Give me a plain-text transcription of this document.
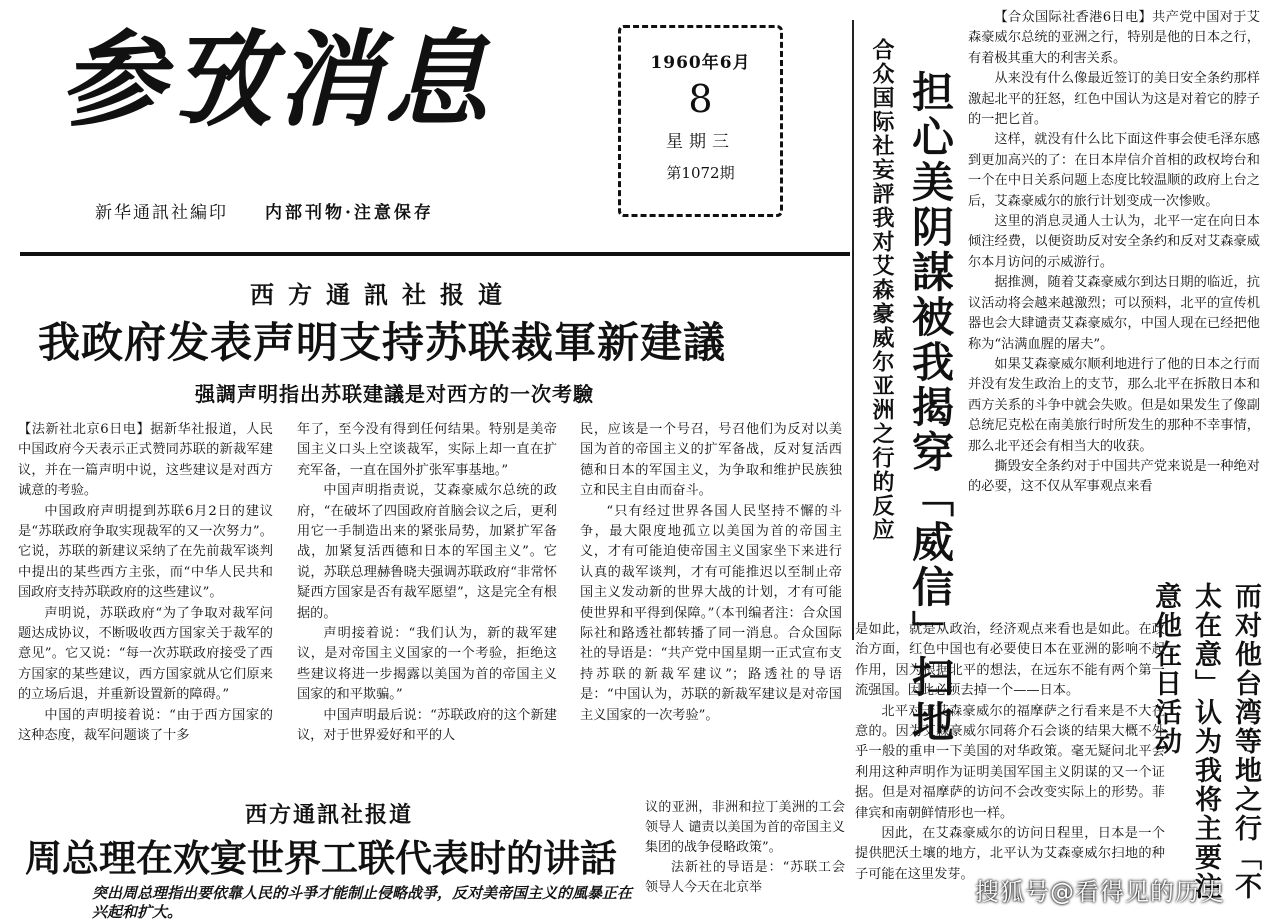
参攷消息
新华通訊社編印 内部刊物·注意保存
1960年6月
8
星期三
第1072期
西方通訊社报道
我政府发表声明支持苏联裁軍新建議
强調声明指出苏联建議是对西方的一次考驗

【法新社北京6日电】据新华社报道，人民中国政府今天表示正式赞同苏联的新裁军建议，并在一篇声明中说，这些建议是对西方诚意的考验。

中国政府声明提到苏联6月2日的建议是“苏联政府争取实现裁军的又一次努力”。它说，苏联的新建议采纳了在先前裁军谈判中提出的某些西方主张，而“中华人民共和国政府支持苏联政府的这些建议”。

声明说，苏联政府“为了争取对裁军问题达成协议，不断吸收西方国家关于裁军的意见”。它又说：“每一次苏联政府接受了西方国家的某些建议，西方国家就从它们原来的立场后退，并重新设置新的障碍。”

中国的声明接着说：“由于西方国家的这种态度，裁军问题谈了十多

年了，至今没有得到任何结果。特别是美帝国主义口头上空谈裁军，实际上却一直在扩充军备，一直在国外扩张军事基地。”

中国声明指责说，艾森豪威尔总统的政府，“在破坏了四国政府首脑会议之后，更利用它一手制造出来的紧张局势，加紧扩军备战，加紧复活西德和日本的军国主义”。它说，苏联总理赫鲁晓夫强调苏联政府“非常怀疑西方国家是否有裁军愿望”，这是完全有根据的。

声明接着说：“我们认为，新的裁军建议，是对帝国主义国家的一个考验，拒绝这些建议将进一步揭露以美国为首的帝国主义国家的和平欺骗。”

中国声明最后说：“苏联政府的这个新建议，对于世界爱好和平的人

民，应该是一个号召，号召他们为反对以美国为首的帝国主义的扩军备战，反对复活西德和日本的军国主义，为争取和维护民族独立和民主自由而奋斗。

“只有经过世界各国人民坚持不懈的斗争，最大限度地孤立以美国为首的帝国主义，才有可能迫使帝国主义国家坐下来进行认真的裁军谈判，才有可能推迟以至制止帝国主义发动新的世界大战的计划，才有可能使世界和平得到保障。”（本刊编者注：合众国际社和路透社都转播了同一消息。合众国际社的导语是：“共产党中国星期一正式宣布支持苏联的新裁军建议”；路透社的导语是：“中国认为，苏联的新裁军建议是对帝国主义国家的一次考验”。

西方通訊社报道
周总理在欢宴世界工联代表时的讲話
突出周总理指出要依靠人民的斗爭才能制止侵略战爭，反对美帝国主义的風暴正在兴起和扩大。

议的亚洲，非洲和拉丁美洲的工会领导人 谴责以美国为首的帝国主义集团的战争侵略政策”。

法新社的导语是：“苏联工会领导人今天在北京举

合众国际社妄評我对艾森豪威尔亚洲之行的反应 担心美阴謀被我揭穿「威信」扫地

【合众国际社香港6日电】共产党中国对于艾森豪威尔总统的亚洲之行，特别是他的日本之行，有着极其重大的利害关系。

从来没有什么像最近签订的美日安全条约那样激起北平的狂怒，红色中国认为这是对着它的脖子的一把匕首。

这样，就没有什么比下面这件事会使毛泽东感到更加高兴的了：在日本岸信介首相的政权垮台和一个在中日关系问题上态度比较温顺的政府上台之后，艾森豪威尔的旅行计划变成一次惨败。

这里的消息灵通人士认为，北平一定在向日本倾注经费，以便资助反对安全条约和反对艾森豪威尔本月访问的示威游行。

据推测，随着艾森豪威尔到达日期的临近，抗议活动将会越来越激烈；可以预料，北平的宣传机器也会大肆谴责艾森豪威尔，中国人现在已经把他称为“沾满血腥的屠夫”。

如果艾森豪威尔顺利地进行了他的日本之行而并没有发生政治上的支节，那么北平在拆散日本和西方关系的斗争中就会失败。但是如果发生了像副总统尼克松在南美旅行时所发生的那种不幸事情，那么北平还会有相当大的收获。

撕毁安全条约对于中国共产党来说是一种绝对的必要，这不仅从军事观点来看

是如此，就是从政治，经济观点来看也是如此。在政治方面，红色中国也有必要使日本在亚洲的影响不起作用，因为根据北平的想法，在远东不能有两个第一流强国。因此必须去掉一个——日本。

北平对于艾森豪威尔的福摩萨之行看来是不大在意的。因为艾森豪威尔同蒋介石会谈的结果大概不外乎一般的重申一下美国的对华政策。毫无疑问北平会利用这种声明作为证明美国军国主义阴谋的又一个证据。但是对福摩萨的访问不会改变实际上的形势。菲律宾和南朝鲜情形也一样。

因此，在艾森豪威尔的访问日程里，日本是一个提供肥沃土壤的地方，北平认为艾森豪威尔扫地的种子可能在这里发芽。	而对他台湾等地之行「不太在意」认为我将主要注意他在日活动
搜狐号@看得见的历史
